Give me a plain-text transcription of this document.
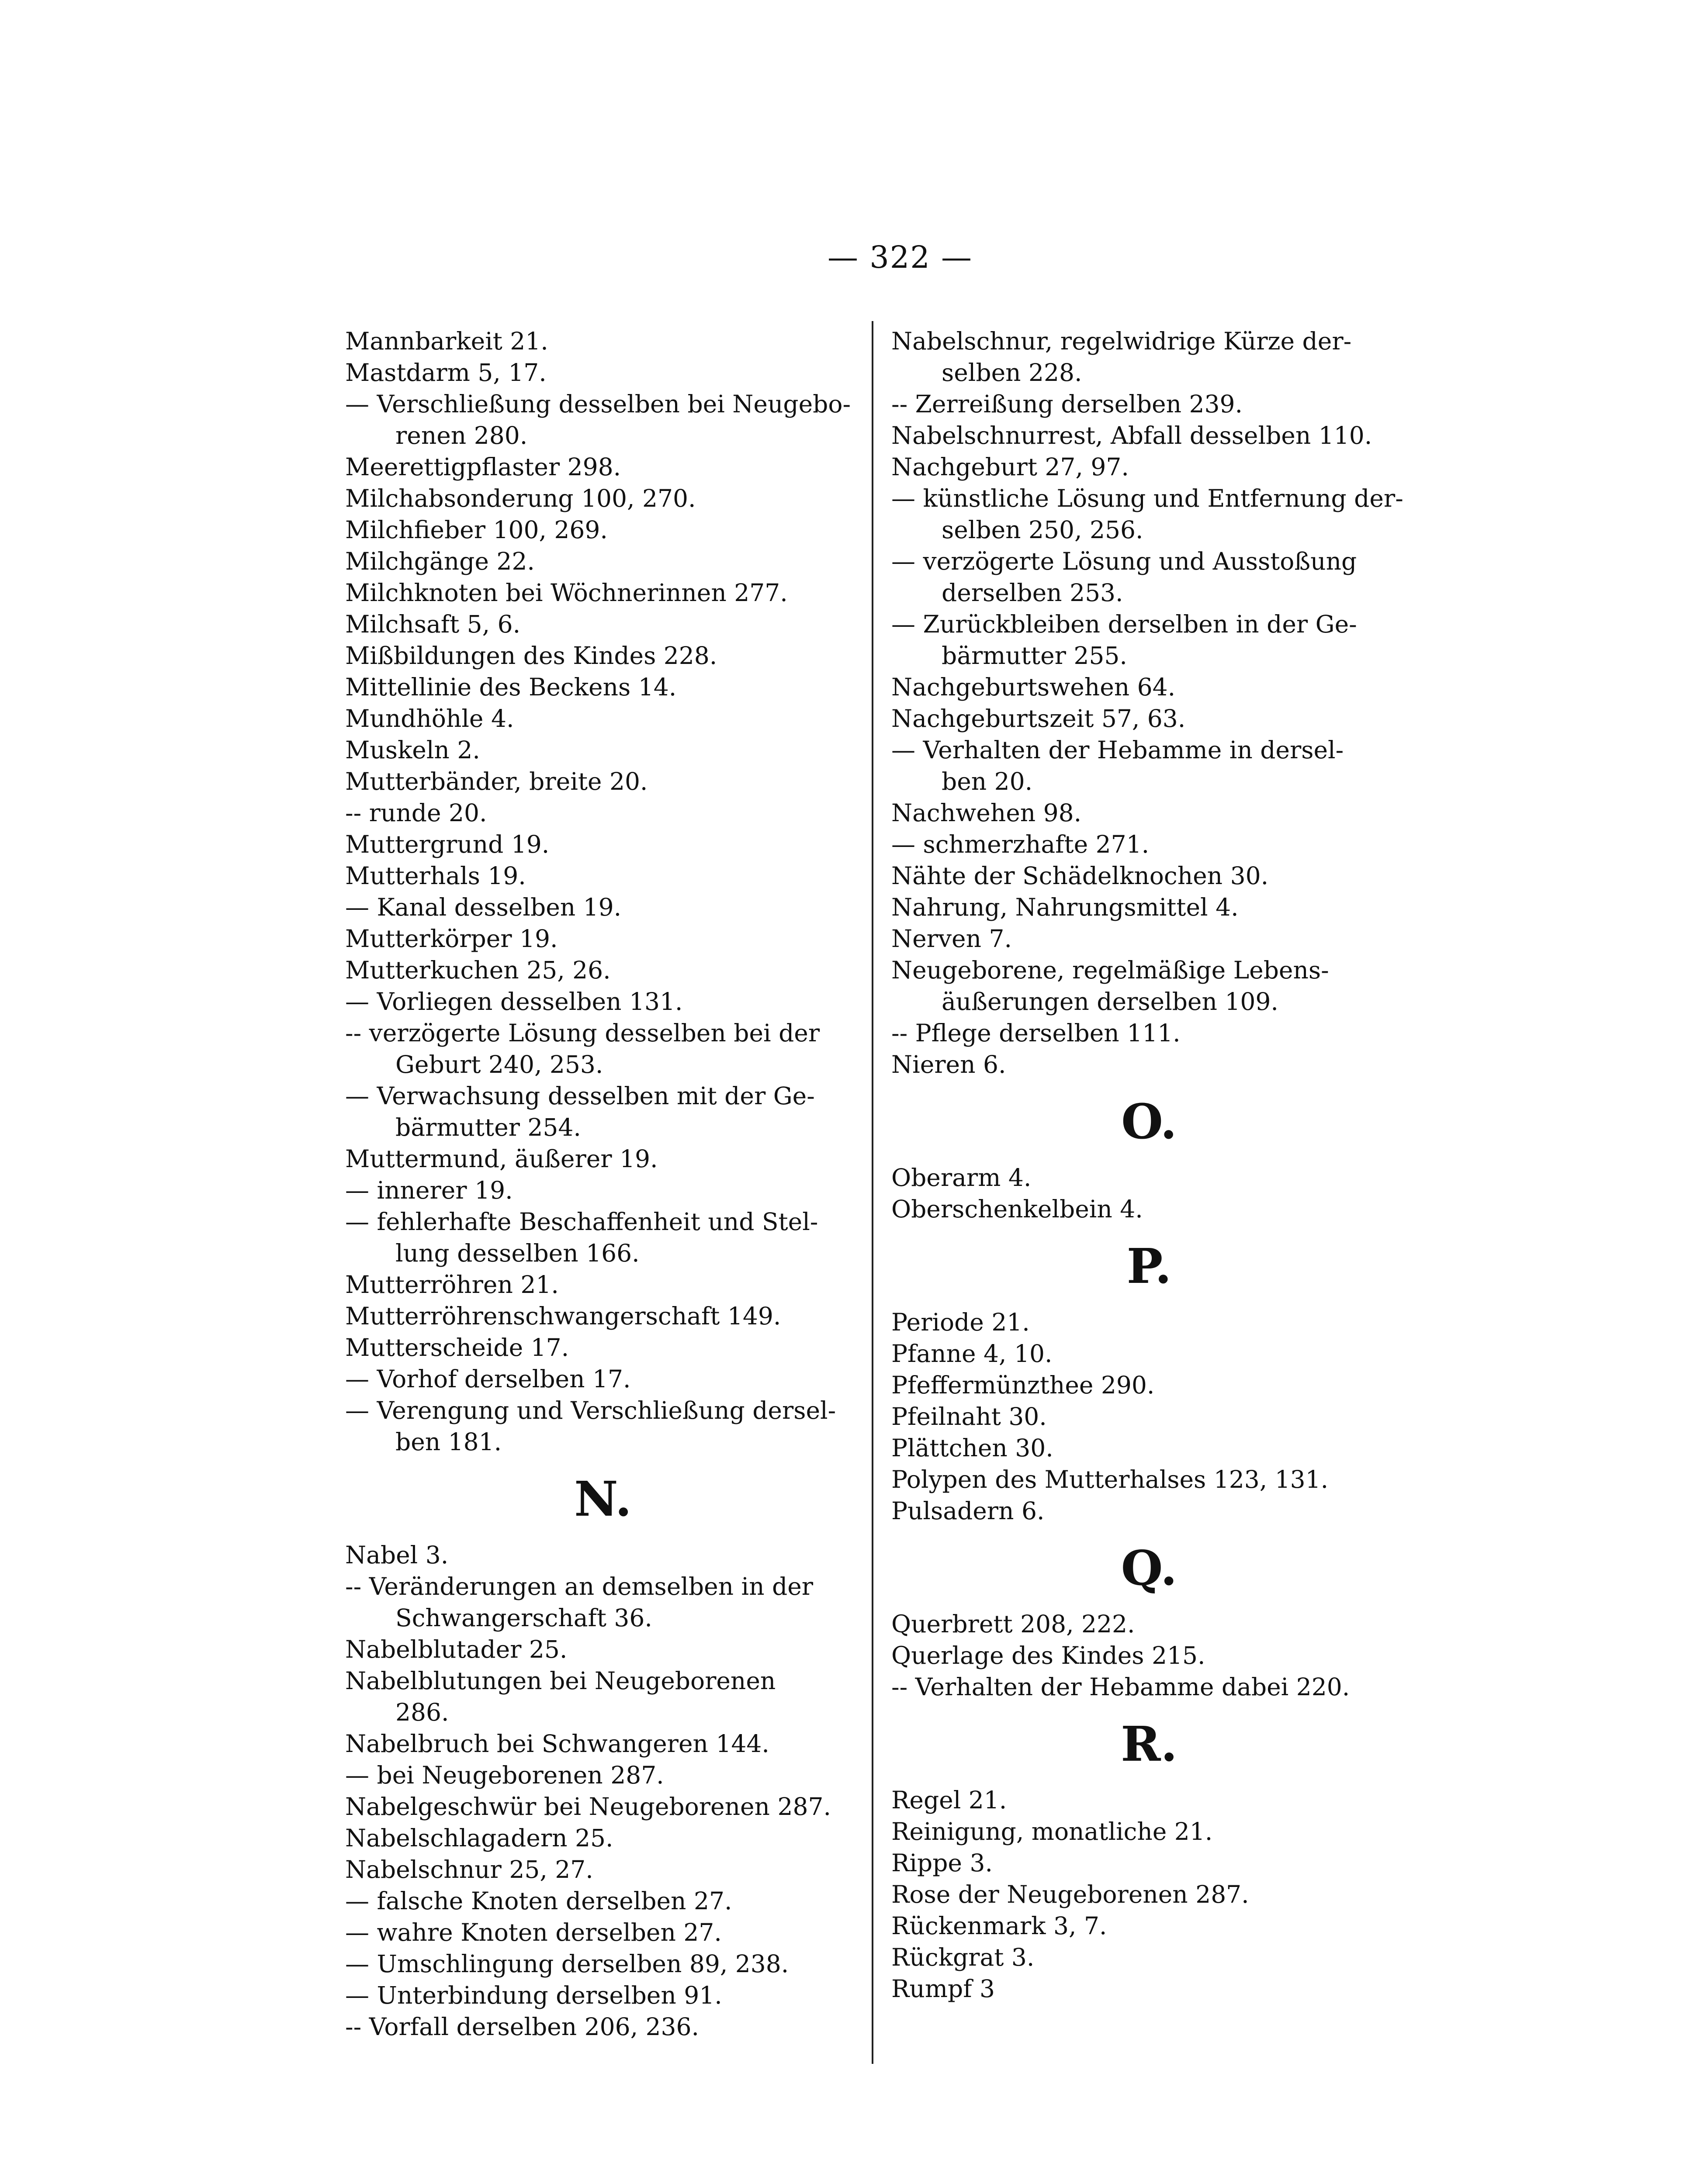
— 322 —
Mannbarkeit 21.
Mastdarm 5, 17.
— Verschließung desselben bei Neugebo-
renen 280.
Meerettigpflaster 298.
Milchabsonderung 100, 270.
Milchfieber 100, 269.
Milchgänge 22.
Milchknoten bei Wöchnerinnen 277.
Milchsaft 5, 6.
Mißbildungen des Kindes 228.
Mittellinie des Beckens 14.
Mundhöhle 4.
Muskeln 2.
Mutterbänder, breite 20.
-- runde 20.
Muttergrund 19.
Mutterhals 19.
— Kanal desselben 19.
Mutterkörper 19.
Mutterkuchen 25, 26.
— Vorliegen desselben 131.
-- verzögerte Lösung desselben bei der
Geburt 240, 253.
— Verwachsung desselben mit der Ge-
bärmutter 254.
Muttermund, äußerer 19.
— innerer 19.
— fehlerhafte Beschaffenheit und Stel-
lung desselben 166.
Mutterröhren 21.
Mutterröhrenschwangerschaft 149.
Mutterscheide 17.
— Vorhof derselben 17.
— Verengung und Verschließung dersel-
ben 181.
N.
Nabel 3.
-- Veränderungen an demselben in der
Schwangerschaft 36.
Nabelblutader 25.
Nabelblutungen bei Neugeborenen
286.
Nabelbruch bei Schwangeren 144.
— bei Neugeborenen 287.
Nabelgeschwür bei Neugeborenen 287.
Nabelschlagadern 25.
Nabelschnur 25, 27.
— falsche Knoten derselben 27.
— wahre Knoten derselben 27.
— Umschlingung derselben 89, 238.
— Unterbindung derselben 91.
-- Vorfall derselben 206, 236.
Nabelschnur, regelwidrige Kürze der-
selben 228.
-- Zerreißung derselben 239.
Nabelschnurrest, Abfall desselben 110.
Nachgeburt 27, 97.
— künstliche Lösung und Entfernung der-
selben 250, 256.
— verzögerte Lösung und Ausstoßung
derselben 253.
— Zurückbleiben derselben in der Ge-
bärmutter 255.
Nachgeburtswehen 64.
Nachgeburtszeit 57, 63.
— Verhalten der Hebamme in dersel-
ben 20.
Nachwehen 98.
— schmerzhafte 271.
Nähte der Schädelknochen 30.
Nahrung, Nahrungsmittel 4.
Nerven 7.
Neugeborene, regelmäßige Lebens-
äußerungen derselben 109.
-- Pflege derselben 111.
Nieren 6.
O.
Oberarm 4.
Oberschenkelbein 4.
P.
Periode 21.
Pfanne 4, 10.
Pfeffermünzthee 290.
Pfeilnaht 30.
Plättchen 30.
Polypen des Mutterhalses 123, 131.
Pulsadern 6.
Q.
Querbrett 208, 222.
Querlage des Kindes 215.
-- Verhalten der Hebamme dabei 220.
R.
Regel 21.
Reinigung, monatliche 21.
Rippe 3.
Rose der Neugeborenen 287.
Rückenmark 3, 7.
Rückgrat 3.
Rumpf 3
